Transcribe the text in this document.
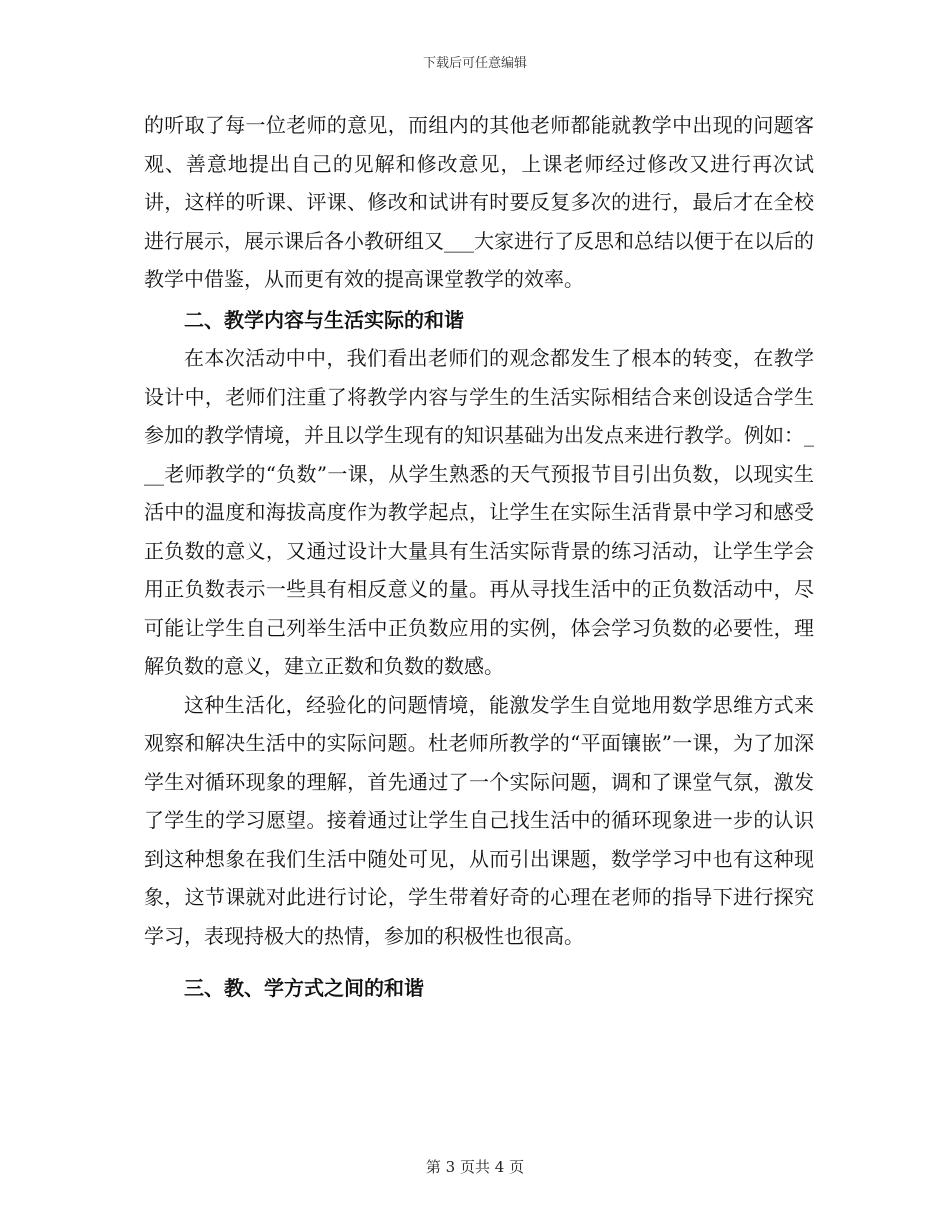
下载后可任意编辑

的听取了每一位老师的意见，而组内的其他老师都能就教学中出现的问题客观、善意地提出自己的见解和修改意见，上课老师经过修改又进行再次试讲，这样的听课、评课、修改和试讲有时要反复多次的进行，最后才在全校进行展示，展示课后各小教研组又___大家进行了反思和总结以便于在以后的教学中借鉴，从而更有效的提高课堂教学的效率。

二、教学内容与生活实际的和谐

在本次活动中中，我们看出老师们的观念都发生了根本的转变，在教学设计中，老师们注重了将教学内容与学生的生活实际相结合来创设适合学生参加的教学情境，并且以学生现有的知识基础为出发点来进行教学。例如：___老师教学的“负数”一课，从学生熟悉的天气预报节目引出负数，以现实生活中的温度和海拔高度作为教学起点，让学生在实际生活背景中学习和感受正负数的意义，又通过设计大量具有生活实际背景的练习活动，让学生学会用正负数表示一些具有相反意义的量。再从寻找生活中的正负数活动中，尽可能让学生自己列举生活中正负数应用的实例，体会学习负数的必要性，理解负数的意义，建立正数和负数的数感。

这种生活化，经验化的问题情境，能激发学生自觉地用数学思维方式来观察和解决生活中的实际问题。杜老师所教学的“平面镶嵌”一课，为了加深学生对循环现象的理解，首先通过了一个实际问题，调和了课堂气氛，激发了学生的学习愿望。接着通过让学生自己找生活中的循环现象进一步的认识到这种想象在我们生活中随处可见，从而引出课题，数学学习中也有这种现象，这节课就对此进行讨论，学生带着好奇的心理在老师的指导下进行探究学习，表现持极大的热情，参加的积极性也很高。

三、教、学方式之间的和谐

第 3 页共 4 页
